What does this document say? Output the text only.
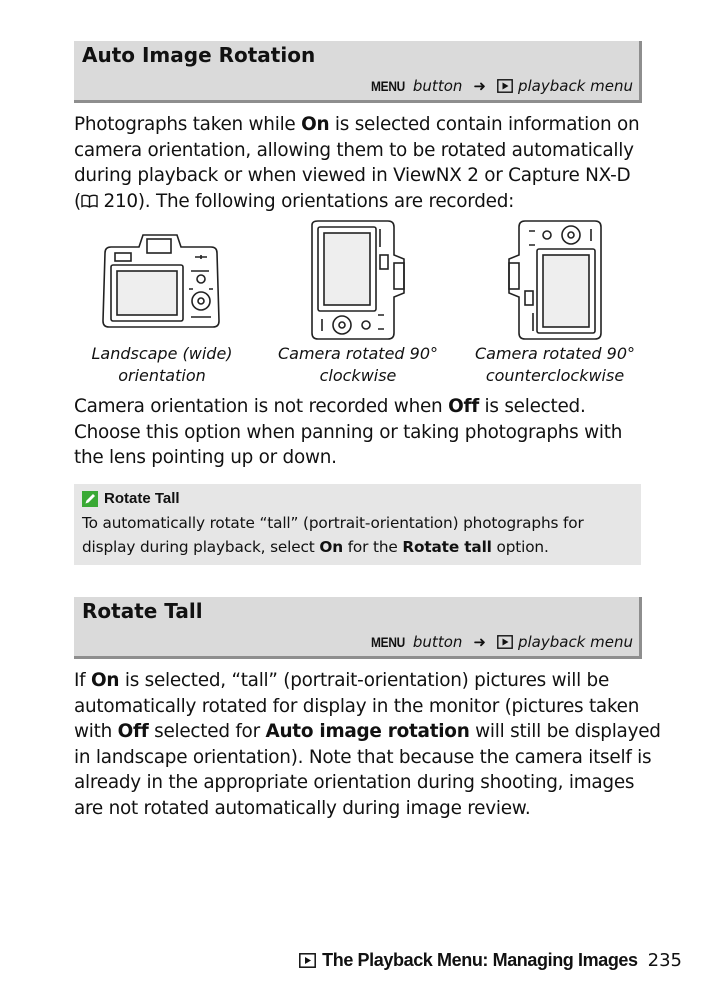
Auto Image Rotation
MENU button ➜ playback menu
Photographs taken while On is selected contain information on
camera orientation, allowing them to be rotated automatically
during playback or when viewed in ViewNX 2 or Capture NX-D
( 210). The following orientations are recorded:
Landscape (wide)
orientation
Camera rotated 90°
clockwise
Camera rotated 90°
counterclockwise
Camera orientation is not recorded when Off is selected.
Choose this option when panning or taking photographs with
the lens pointing up or down.
Rotate Tall
To automatically rotate “tall” (portrait-orientation) photographs for
display during playback, select On for the Rotate tall option.
Rotate Tall
MENU button ➜ playback menu
If On is selected, “tall” (portrait-orientation) pictures will be
automatically rotated for display in the monitor (pictures taken
with Off selected for Auto image rotation will still be displayed
in landscape orientation). Note that because the camera itself is
already in the appropriate orientation during shooting, images
are not rotated automatically during image review.
The Playback Menu: Managing Images 235
